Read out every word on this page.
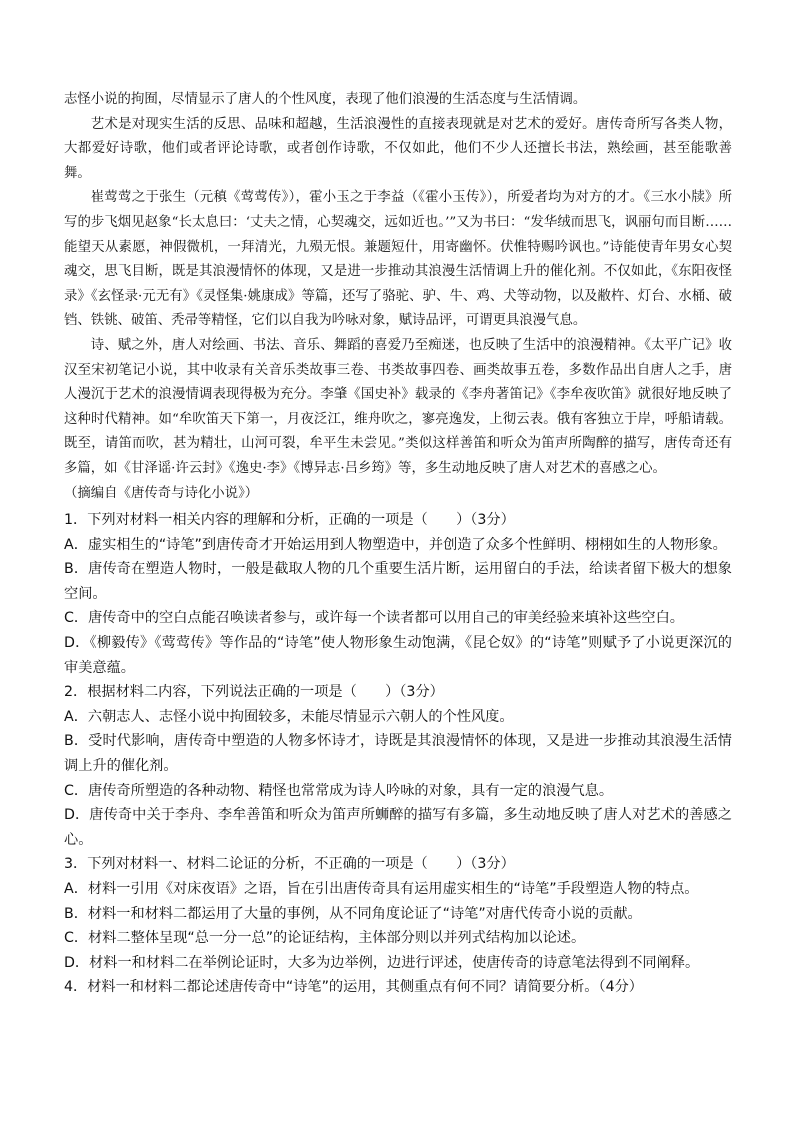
志怪小说的拘囿，尽情显示了唐人的个性风度，表现了他们浪漫的生活态度与生活情调。

艺术是对现实生活的反思、品味和超越，生活浪漫性的直接表现就是对艺术的爱好。唐传奇所写各类人物，大都爱好诗歌，他们或者评论诗歌，或者创作诗歌，不仅如此，他们不少人还擅长书法，熟绘画，甚至能歌善舞。

崔莺莺之于张生（元稹《莺莺传》），霍小玉之于李益（《霍小玉传》），所爱者均为对方的才。《三水小牍》所写的步飞烟见赵象“长太息曰：‘丈夫之情，心契魂交，远如近也。’”又为书曰：“发华绒而思飞，讽丽句而目断……能望天从素愿，神假微机，一拜清光，九殒无恨。兼题短什，用寄幽怀。伏惟特赐吟讽也。”诗能使青年男女心契魂交，思飞目断，既是其浪漫情怀的体现，又是进一步推动其浪漫生活情调上升的催化剂。不仅如此，《东阳夜怪录》《玄怪录·元无有》《灵怪集·姚康成》等篇，还写了骆驼、驴、牛、鸡、犬等动物，以及敝杵、灯台、水桶、破铛、铁铫、破笛、秃帚等精怪，它们以自我为吟咏对象，赋诗品评，可谓更具浪漫气息。

诗、赋之外，唐人对绘画、书法、音乐、舞蹈的喜爱乃至痴迷，也反映了生活中的浪漫精神。《太平广记》收汉至宋初笔记小说，其中收录有关音乐类故事三卷、书类故事四卷、画类故事五卷，多数作品出自唐人之手，唐人漫沉于艺术的浪漫情调表现得极为充分。李肇《国史补》载录的《李舟著笛记》《李牟夜吹笛》就很好地反映了这种时代精神。如“牟吹笛天下第一，月夜泛江，维舟吹之，寥亮逸发，上彻云表。俄有客独立于岸，呼船请载。既至，请笛而吹，甚为精壮，山河可裂，牟平生未尝见。”类似这样善笛和听众为笛声所陶醉的描写，唐传奇还有多篇，如《甘泽谣·许云封》《逸史·李》《博异志·吕乡筠》等，多生动地反映了唐人对艺术的喜感之心。

（摘编自《唐传奇与诗化小说》）

1．下列对材料一相关内容的理解和分析，正确的一项是（　　）（3分）

A．虚实相生的“诗笔”到唐传奇才开始运用到人物塑造中，并创造了众多个性鲜明、栩栩如生的人物形象。

B．唐传奇在塑造人物时，一般是截取人物的几个重要生活片断，运用留白的手法，给读者留下极大的想象空间。

C．唐传奇中的空白点能召唤读者参与，或许每一个读者都可以用自己的审美经验来填补这些空白。

D．《柳毅传》《莺莺传》等作品的“诗笔”使人物形象生动饱满，《昆仑奴》的“诗笔”则赋予了小说更深沉的审美意蕴。

2．根据材料二内容，下列说法正确的一项是（　　）（3分）

A．六朝志人、志怪小说中拘囿较多，未能尽情显示六朝人的个性风度。

B．受时代影响，唐传奇中塑造的人物多怀诗才，诗既是其浪漫情怀的体现，又是进一步推动其浪漫生活情调上升的催化剂。

C．唐传奇所塑造的各种动物、精怪也常常成为诗人吟咏的对象，具有一定的浪漫气息。

D．唐传奇中关于李舟、李牟善笛和听众为笛声所蛳醉的描写有多篇，多生动地反映了唐人对艺术的善感之心。

3．下列对材料一、材料二论证的分析，不正确的一项是（　　）（3分）

A．材料一引用《对床夜语》之语，旨在引出唐传奇具有运用虚实相生的“诗笔”手段塑造人物的特点。

B．材料一和材料二都运用了大量的事例，从不同角度论证了“诗笔”对唐代传奇小说的贡献。

C．材料二整体呈现“总一分一总”的论证结构，主体部分则以并列式结构加以论述。

D．材料一和材料二在举例论证时，大多为边举例，边进行评述，使唐传奇的诗意笔法得到不同阐释。

4．材料一和材料二都论述唐传奇中“诗笔”的运用，其侧重点有何不同？请简要分析。（4分）
